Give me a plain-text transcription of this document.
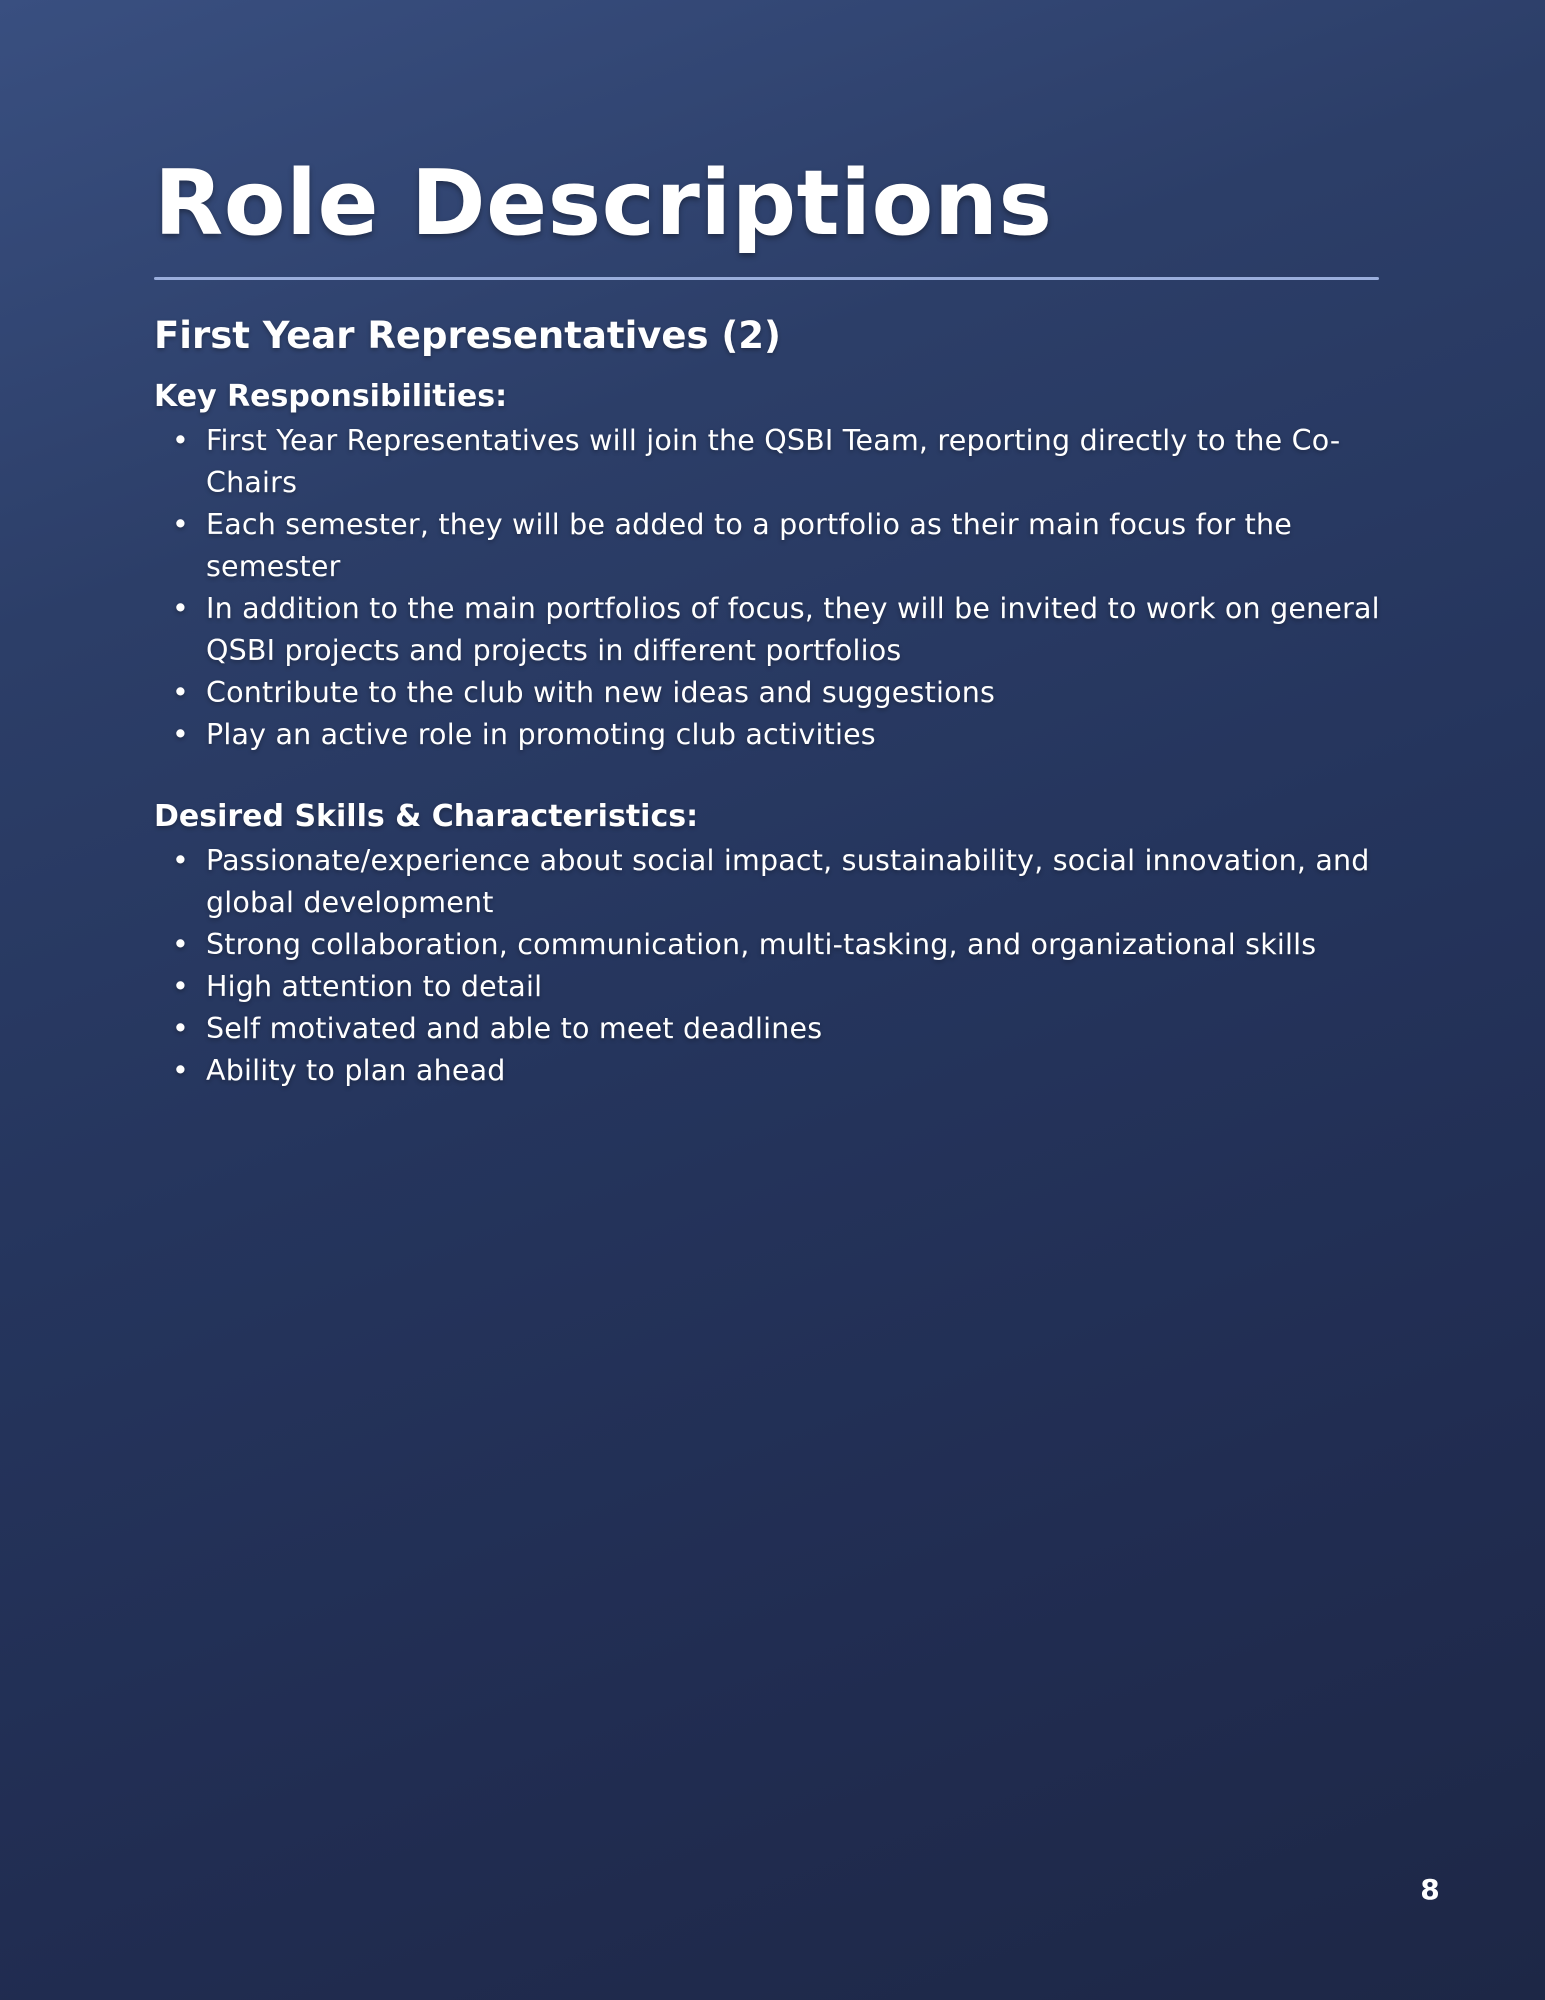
Role Descriptions
First Year Representatives (2)
Key Responsibilities:
• First Year Representatives will join the QSBI Team, reporting directly to the Co-Chairs
• Each semester, they will be added to a portfolio as their main focus for the semester
• In addition to the main portfolios of focus, they will be invited to work on general QSBI projects and projects in different portfolios
• Contribute to the club with new ideas and suggestions
• Play an active role in promoting club activities
Desired Skills & Characteristics:
• Passionate/experience about social impact, sustainability, social innovation, and global development
• Strong collaboration, communication, multi-tasking, and organizational skills
• High attention to detail
• Self motivated and able to meet deadlines
• Ability to plan ahead
8
